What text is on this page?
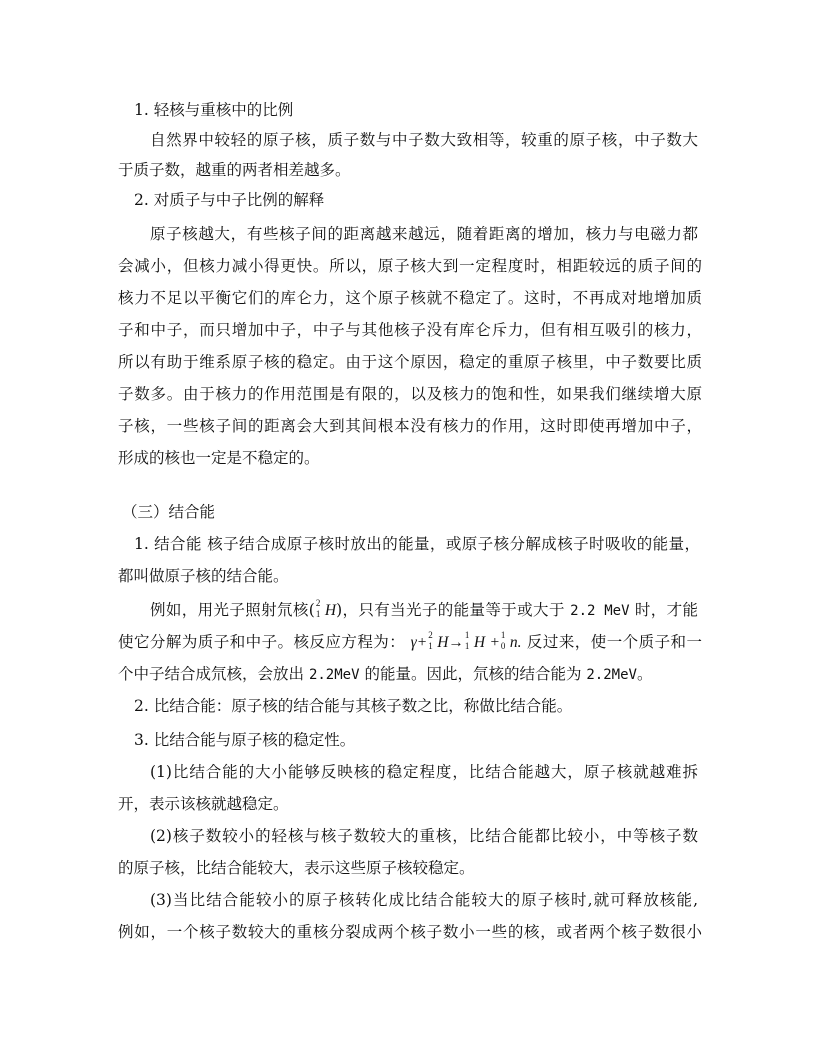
1. 轻核与重核中的比例
自然界中较轻的原子核，质子数与中子数大致相等，较重的原子核，中子数大
于质子数，越重的两者相差越多。
2. 对质子与中子比例的解释
原子核越大，有些核子间的距离越来越远，随着距离的增加，核力与电磁力都
会减小，但核力减小得更快。所以，原子核大到一定程度时，相距较远的质子间的
核力不足以平衡它们的库仑力，这个原子核就不稳定了。这时，不再成对地增加质
子和中子，而只增加中子，中子与其他核子没有库仑斥力，但有相互吸引的核力，
所以有助于维系原子核的稳定。由于这个原因，稳定的重原子核里，中子数要比质
子数多。由于核力的作用范围是有限的，以及核力的饱和性，如果我们继续增大原
子核，一些核子间的距离会大到其间根本没有核力的作用，这时即使再增加中子，
形成的核也一定是不稳定的。
（三）结合能
1. 结合能 核子结合成原子核时放出的能量，或原子核分解成核子时吸收的能量，
都叫做原子核的结合能。
例如，用光子照射氘核( 2
1 H)，只有当光子的能量等于或大于 2.2 MeV 时，才能
使它分解为质子和中子。核反应方程为： γ+ 2
1 H→ 1
1 H + 1
0 n. 反过来，使一个质子和一
个中子结合成氘核，会放出 2.2MeV 的能量。因此，氘核的结合能为 2.2MeV。
2. 比结合能：原子核的结合能与其核子数之比，称做比结合能。
3. 比结合能与原子核的稳定性。
(1)比结合能的大小能够反映核的稳定程度，比结合能越大，原子核就越难拆
开，表示该核就越稳定。
(2)核子数较小的轻核与核子数较大的重核，比结合能都比较小，中等核子数
的原子核，比结合能较大，表示这些原子核较稳定。
(3)当比结合能较小的原子核转化成比结合能较大的原子核时,就可释放核能,
例如，一个核子数较大的重核分裂成两个核子数小一些的核，或者两个核子数很小
